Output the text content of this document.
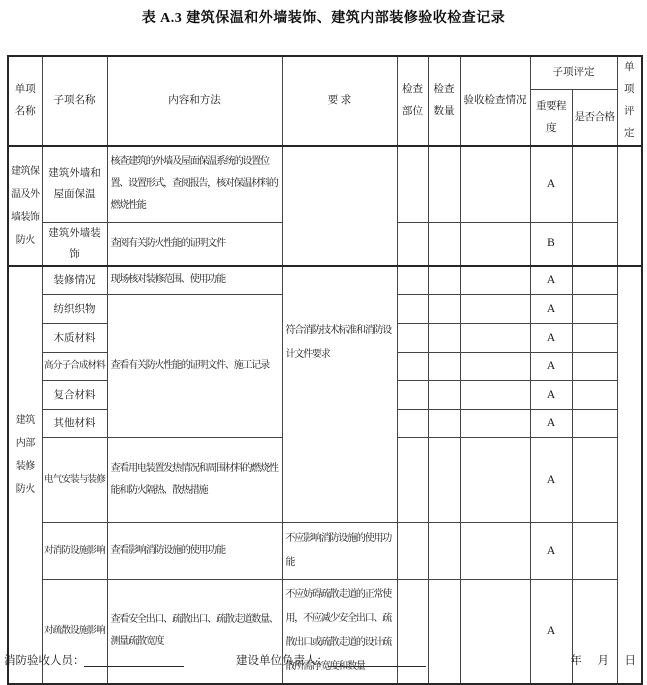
表 A.3 建筑保温和外墙装饰、建筑内部装修验收检查记录
单项名称	子项名称	内容和方法	要 求	检查部位	检查数量	验收检查情况	子项评定		单项评定
							重要程度	是否合格	
建筑保温及外墙装饰防火	建筑外墙和屋面保温	核查建筑的外墙及屋面保温系统的设置位置、设置形式，查阅报告，核对保温材料的燃烧性能					A		
	建筑外墙装饰	查阅有关防火性能的证明文件					B		
建筑内部装修防火	装修情况	现场核对装修范围、使用功能	符合消防技术标准和消防设计文件要求				A		
	纺织织物	查看有关防火性能的证明文件、施工记录					A		
	木质材料						A		
	高分子合成材料						A		
	复合材料						A		
	其他材料						A		
	电气安装与装修	查看用电装置发热情况和周围材料的燃烧性能和防火隔热、散热措施					A		
	对消防设施影响	查看影响消防设施的使用功能	不应影响消防设施的使用功能				A		
	对疏散设施影响	查看安全出口、疏散出口、疏散走道数量、测量疏散宽度	不应妨碍疏散走道的正常使用，不应减少安全出口、疏散出口或疏散走道的设计疏散所需净宽度和数量				A		
消防验收人员：	建设单位负责人：	年　月　日
